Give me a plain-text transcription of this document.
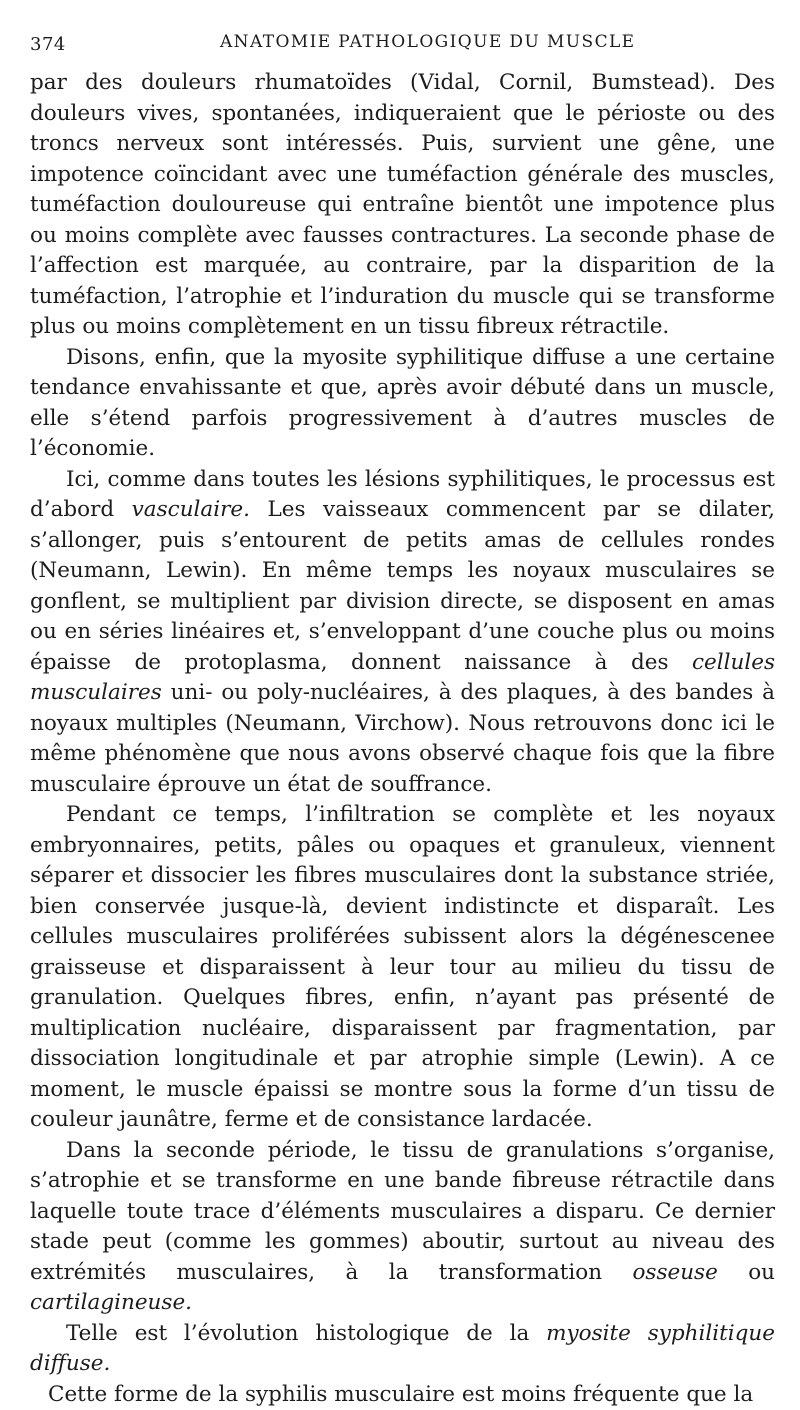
374	ANATOMIE PATHOLOGIQUE DU MUSCLE

par des douleurs rhumatoïdes (Vidal, Cornil, Bumstead). Des douleurs vives, spontanées, indiqueraient que le périoste ou des troncs nerveux sont intéressés. Puis, survient une gêne, une impotence coïncidant avec une tuméfaction générale des muscles, tuméfaction douloureuse qui entraîne bientôt une impotence plus ou moins complète avec fausses contractures. La seconde phase de l’affection est marquée, au contraire, par la disparition de la tuméfaction, l’atrophie et l’induration du muscle qui se transforme plus ou moins complètement en un tissu fibreux rétractile.

Disons, enfin, que la myosite syphilitique diffuse a une certaine tendance envahissante et que, après avoir débuté dans un muscle, elle s’étend parfois progressivement à d’autres muscles de l’économie.

Ici, comme dans toutes les lésions syphilitiques, le processus est d’abord vasculaire. Les vaisseaux commencent par se dilater, s’allonger, puis s’entourent de petits amas de cellules rondes (Neumann, Lewin). En même temps les noyaux musculaires se gonflent, se multiplient par division directe, se disposent en amas ou en séries linéaires et, s’enveloppant d’une couche plus ou moins épaisse de protoplasma, donnent naissance à des cellules musculaires uni- ou poly-nucléaires, à des plaques, à des bandes à noyaux multiples (Neumann, Virchow). Nous retrouvons donc ici le même phénomène que nous avons observé chaque fois que la fibre musculaire éprouve un état de souffrance.

Pendant ce temps, l’infiltration se complète et les noyaux embryonnaires, petits, pâles ou opaques et granuleux, viennent séparer et dissocier les fibres musculaires dont la substance striée, bien conservée jusque-là, devient indistincte et disparaît. Les cellules musculaires proliférées subissent alors la dégénescenee graisseuse et disparaissent à leur tour au milieu du tissu de granulation. Quelques fibres, enfin, n’ayant pas présenté de multiplication nucléaire, disparaissent par fragmentation, par dissociation longitudinale et par atrophie simple (Lewin). A ce moment, le muscle épaissi se montre sous la forme d’un tissu de couleur jaunâtre, ferme et de consistance lardacée.

Dans la seconde période, le tissu de granulations s’organise, s’atrophie et se transforme en une bande fibreuse rétractile dans laquelle toute trace d’éléments musculaires a disparu. Ce dernier stade peut (comme les gommes) aboutir, surtout au niveau des extrémités musculaires, à la transformation osseuse ou cartilagineuse.

Telle est l’évolution histologique de la myosite syphilitique diffuse.

Cette forme de la syphilis musculaire est moins fréquente que la
